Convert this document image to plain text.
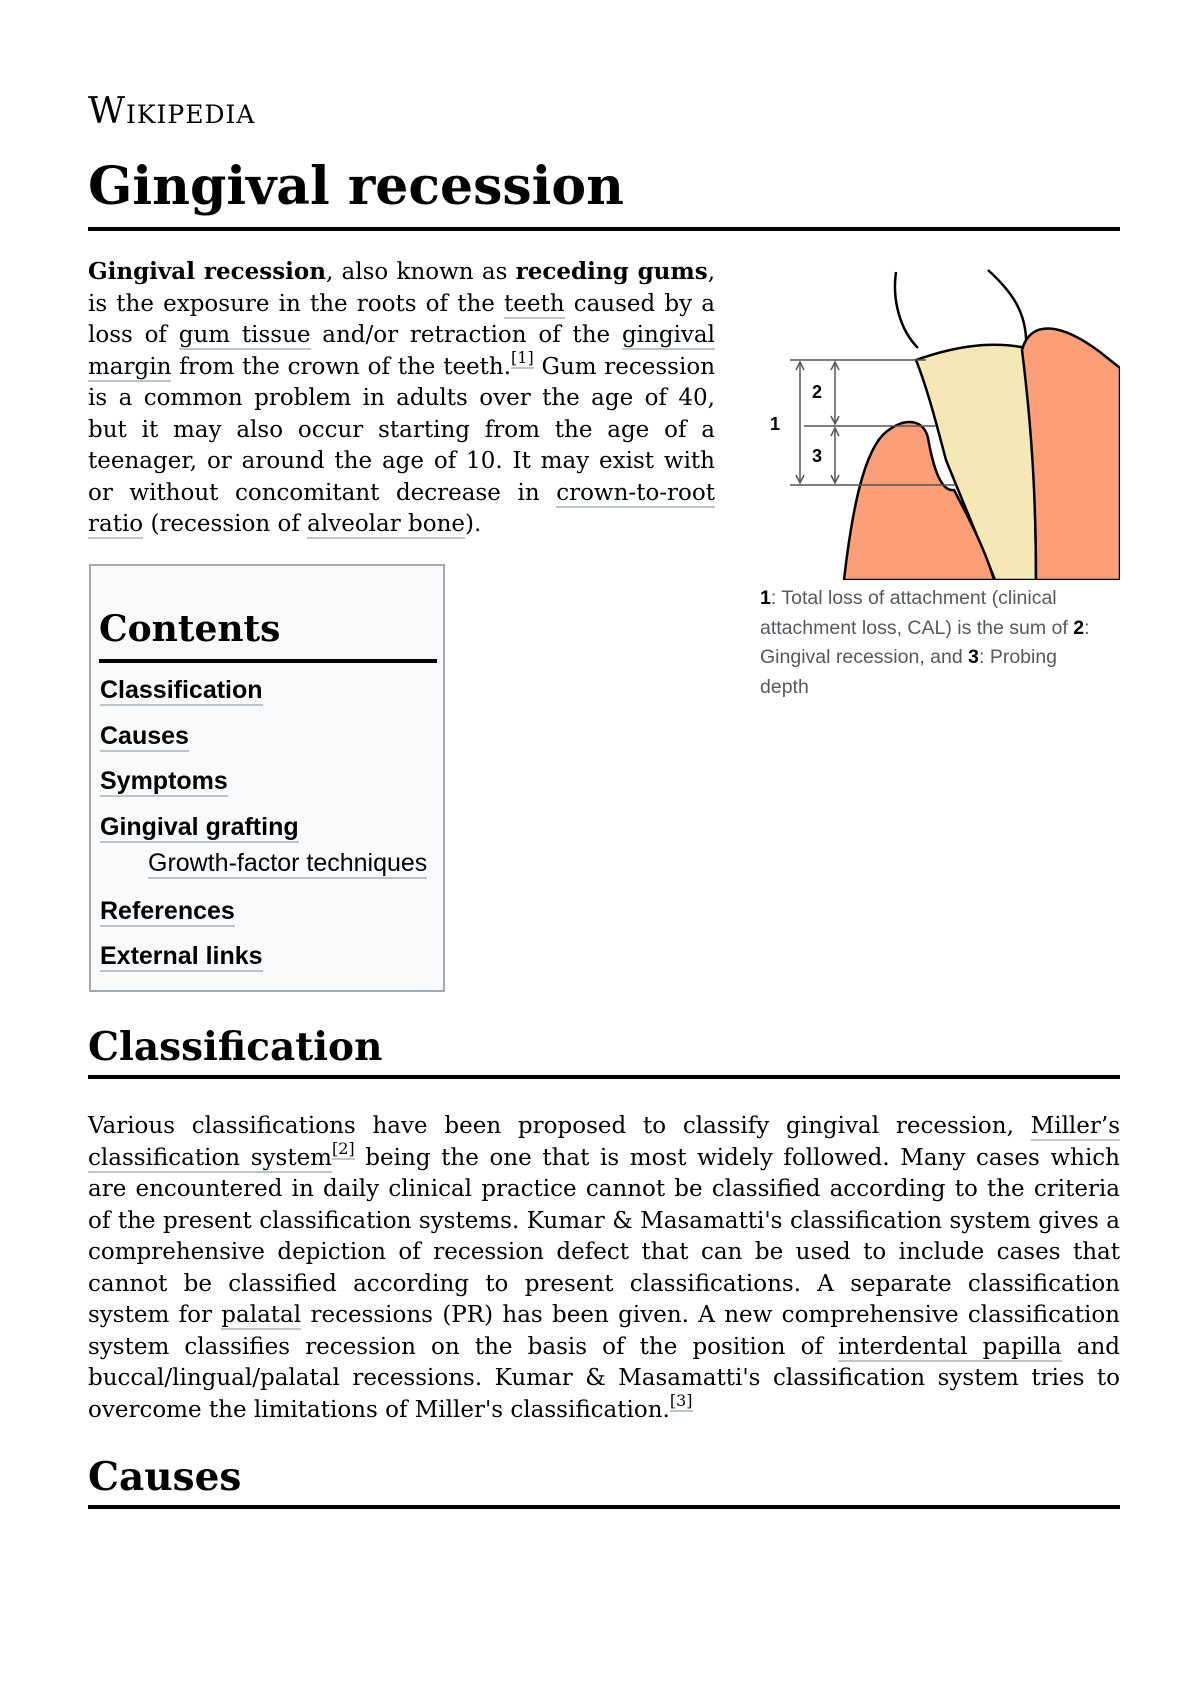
Wikipedia
Gingival recession

Gingival recession, also known as receding gums, is the exposure in the roots of the teeth caused by a loss of gum tissue and/or retraction of the gingival margin from the crown of the teeth.[1] Gum recession is a common problem in adults over the age of 40, but it may also occur starting from the age of a teenager, or around the age of 10. It may exist with or without concomitant decrease in crown-to-root ratio (recession of alveolar bone).

Contents
Classification
Causes
Symptoms
Gingival grafting
Growth-factor techniques
References
External links
1
2
3
1: Total loss of attachment (clinical attachment loss, CAL) is the sum of 2: Gingival recession, and 3: Probing depth
Classification

Various classifications have been proposed to classify gingival recession, Miller’s classification system[2] being the one that is most widely followed. Many cases which are encountered in daily clinical practice cannot be classified according to the criteria of the present classification systems. Kumar & Masamatti's classification system gives a comprehensive depiction of recession defect that can be used to include cases that cannot be classified according to present classifications. A separate classification system for palatal recessions (PR) has been given. A new comprehensive classification system classifies recession on the basis of the position of interdental papilla and buccal/lingual/palatal recessions. Kumar & Masamatti's classification system tries to overcome the limitations of Miller's classification.[3]

Causes
